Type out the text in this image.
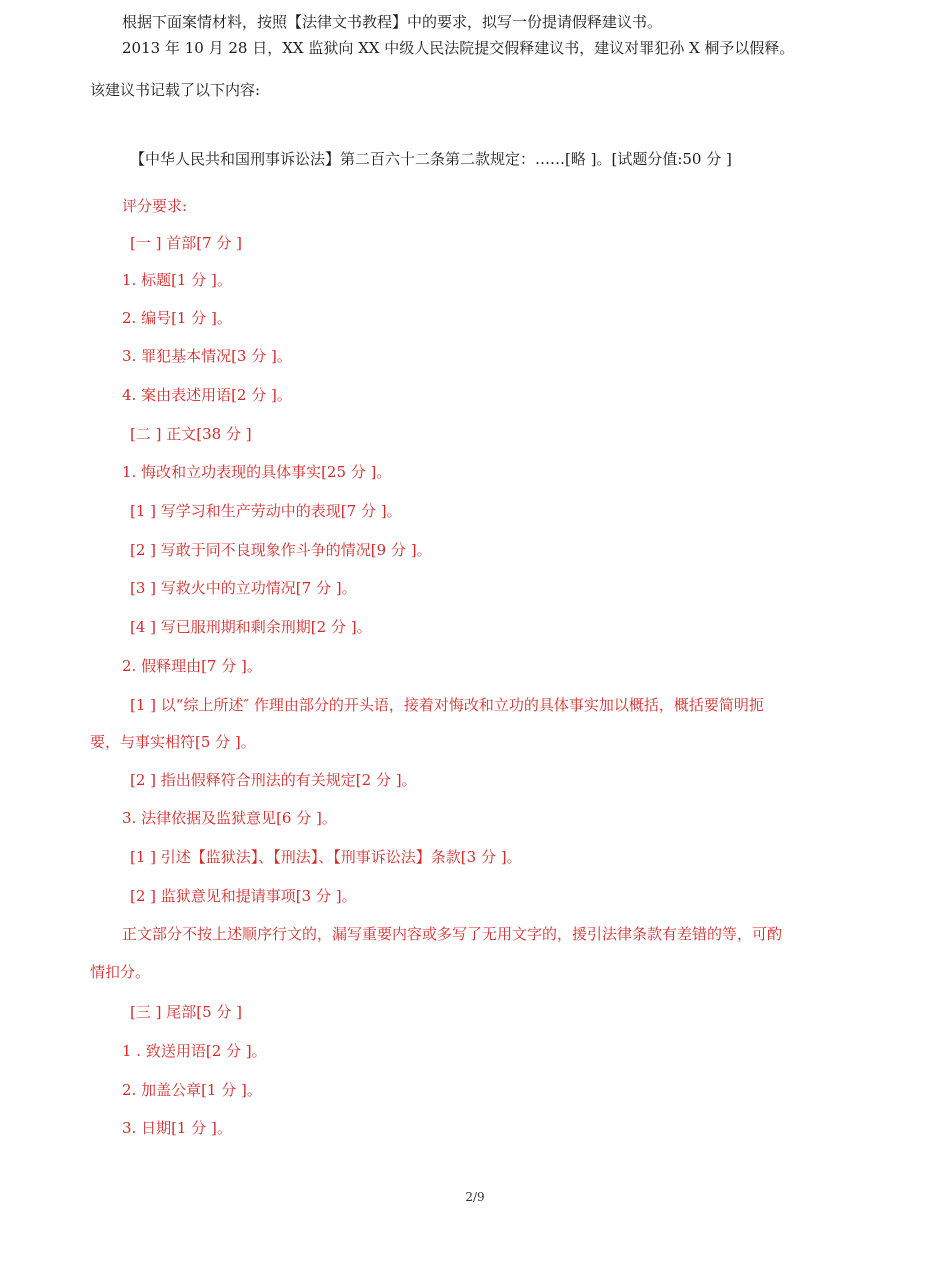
根据下面案情材料，按照【法律文书教程】中的要求，拟写一份提请假释建议书。
2013 年 10 月 28 日，XX 监狱向 XX 中级人民法院提交假释建议书，建议对罪犯孙 X 桐予以假释。
该建议书记载了以下内容:
【中华人民共和国刑事诉讼法】第二百六十二条第二款规定：……[略 ]。[试题分值:50 分 ]
评分要求:
[一 ] 首部[7 分 ]
1. 标题[1 分 ]。
2. 编号[1 分 ]。
3. 罪犯基本情况[3 分 ]。
4. 案由表述用语[2 分 ]。
[二 ] 正文[38 分 ]
1. 悔改和立功表现的具体事实[25 分 ]。
[1 ] 写学习和生产劳动中的表现[7 分 ]。
[2 ] 写敢于同不良现象作斗争的情况[9 分 ]。
[3 ] 写救火中的立功情况[7 分 ]。
[4 ] 写已服刑期和剩余刑期[2 分 ]。
2. 假释理由[7 分 ]。
[1 ] 以“综上所述″ 作理由部分的开头语，接着对悔改和立功的具体事实加以概括，概括要简明扼
要，与事实相符[5 分 ]。
[2 ] 指出假释符合刑法的有关规定[2 分 ]。
3. 法律依据及监狱意见[6 分 ]。
[1 ] 引述【监狱法】、【刑法】、【刑事诉讼法】条款[3 分 ]。
[2 ] 监狱意见和提请事项[3 分 ]。
正文部分不按上述顺序行文的，漏写重要内容或多写了无用文字的，援引法律条款有差错的等，可酌
情扣分。
[三 ] 尾部[5 分 ]
1 . 致送用语[2 分 ]。
2. 加盖公章[1 分 ]。
3. 日期[1 分 ]。
2/9
